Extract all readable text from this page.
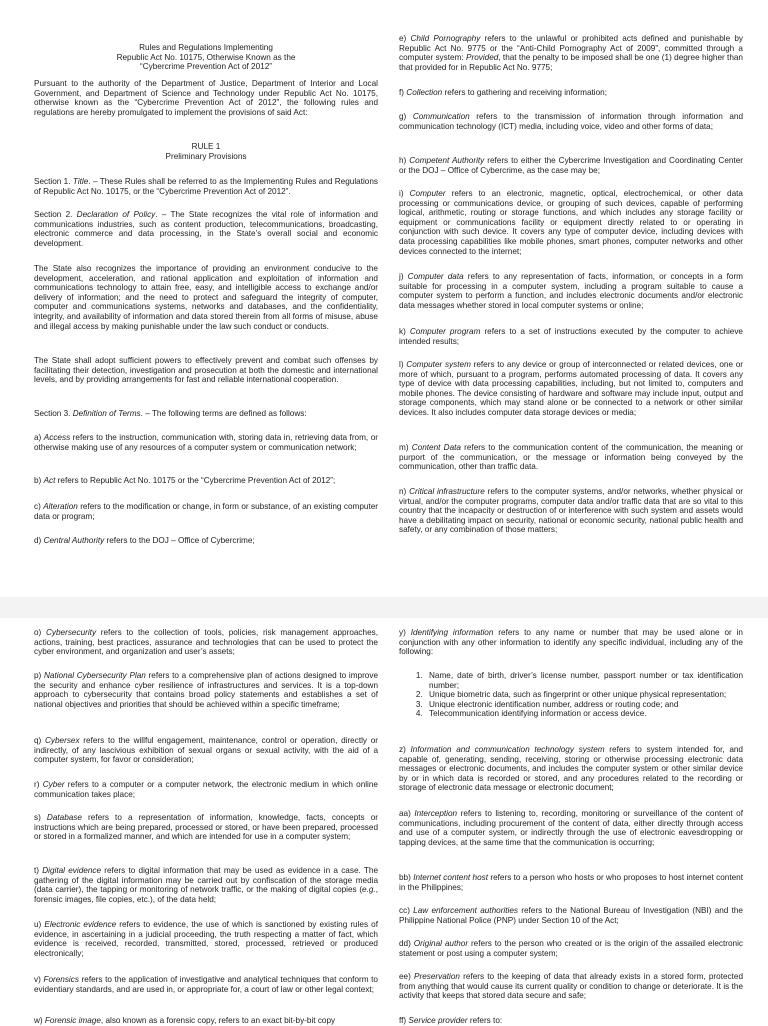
Rules and Regulations Implementing

Republic Act No. 10175, Otherwise Known as the

“Cybercrime Prevention Act of 2012”

Pursuant to the authority of the Department of Justice, Department of Interior and Local Government, and Department of Science and Technology under Republic Act No. 10175, otherwise known as the “Cybercrime Prevention Act of 2012”, the following rules and regulations are hereby promulgated to implement the provisions of said Act:

RULE 1

Preliminary Provisions

Section 1. Title. – These Rules shall be referred to as the Implementing Rules and Regulations of Republic Act No. 10175, or the “Cybercrime Prevention Act of 2012”.

Section 2. Declaration of Policy. – The State recognizes the vital role of information and communications industries, such as content production, telecommunications, broadcasting, electronic commerce and data processing, in the State’s overall social and economic development.

The State also recognizes the importance of providing an environment conducive to the development, acceleration, and rational application and exploitation of information and communications technology to attain free, easy, and intelligible access to exchange and/or delivery of information; and the need to protect and safeguard the integrity of computer, computer and communications systems, networks and databases, and the confidentiality, integrity, and availability of information and data stored therein from all forms of misuse, abuse and illegal access by making punishable under the law such conduct or conducts.

The State shall adopt sufficient powers to effectively prevent and combat such offenses by facilitating their detection, investigation and prosecution at both the domestic and international levels, and by providing arrangements for fast and reliable international cooperation.

Section 3. Definition of Terms. – The following terms are defined as follows:

a) Access refers to the instruction, communication with, storing data in, retrieving data from, or otherwise making use of any resources of a computer system or communication network;

b) Act refers to Republic Act No. 10175 or the “Cybercrime Prevention Act of 2012”;

c) Alteration refers to the modification or change, in form or substance, of an existing computer data or program;

d) Central Authority refers to the DOJ – Office of Cybercrime;

e) Child Pornography refers to the unlawful or prohibited acts defined and punishable by Republic Act No. 9775 or the “Anti-Child Pornography Act of 2009”, committed through a computer system: Provided, that the penalty to be imposed shall be one (1) degree higher than that provided for in Republic Act No. 9775;

f) Collection refers to gathering and receiving information;

g) Communication refers to the transmission of information through information and communication technology (ICT) media, including voice, video and other forms of data;

h) Competent Authority refers to either the Cybercrime Investigation and Coordinating Center or the DOJ – Office of Cybercrime, as the case may be;

i) Computer refers to an electronic, magnetic, optical, electrochemical, or other data processing or communications device, or grouping of such devices, capable of performing logical, arithmetic, routing or storage functions, and which includes any storage facility or equipment or communications facility or equipment directly related to or operating in conjunction with such device. It covers any type of computer device, including devices with data processing capabilities like mobile phones, smart phones, computer networks and other devices connected to the internet;

j) Computer data refers to any representation of facts, information, or concepts in a form suitable for processing in a computer system, including a program suitable to cause a computer system to perform a function, and includes electronic documents and/or electronic data messages whether stored in local computer systems or online;

k) Computer program refers to a set of instructions executed by the computer to achieve intended results;

l) Computer system refers to any device or group of interconnected or related devices, one or more of which, pursuant to a program, performs automated processing of data. It covers any type of device with data processing capabilities, including, but not limited to, computers and mobile phones. The device consisting of hardware and software may include input, output and storage components, which may stand alone or be connected to a network or other similar devices. It also includes computer data storage devices or media;

m) Content Data refers to the communication content of the communication, the meaning or purport of the communication, or the message or information being conveyed by the communication, other than traffic data.

n) Critical infrastructure refers to the computer systems, and/or networks, whether physical or virtual, and/or the computer programs, computer data and/or traffic data that are so vital to this country that the incapacity or destruction of or interference with such system and assets would have a debilitating impact on security, national or economic security, national public health and safety, or any combination of those matters;

o) Cybersecurity refers to the collection of tools, policies, risk management approaches, actions, training, best practices, assurance and technologies that can be used to protect the cyber environment, and organization and user’s assets;

p) National Cybersecurity Plan refers to a comprehensive plan of actions designed to improve the security and enhance cyber resilience of infrastructures and services. It is a top-down approach to cybersecurity that contains broad policy statements and establishes a set of national objectives and priorities that should be achieved within a specific timeframe;

q) Cybersex refers to the willful engagement, maintenance, control or operation, directly or indirectly, of any lascivious exhibition of sexual organs or sexual activity, with the aid of a computer system, for favor or consideration;

r) Cyber refers to a computer or a computer network, the electronic medium in which online communication takes place;

s) Database refers to a representation of information, knowledge, facts, concepts or instructions which are being prepared, processed or stored, or have been prepared, processed or stored in a formalized manner, and which are intended for use in a computer system;

t) Digital evidence refers to digital information that may be used as evidence in a case. The gathering of the digital information may be carried out by confiscation of the storage media (data carrier), the tapping or monitoring of network traffic, or the making of digital copies (e.g., forensic images, file copies, etc.), of the data held;

u) Electronic evidence refers to evidence, the use of which is sanctioned by existing rules of evidence, in ascertaining in a judicial proceeding, the truth respecting a matter of fact, which evidence is received, recorded, transmitted, stored, processed, retrieved or produced electronically;

v) Forensics refers to the application of investigative and analytical techniques that conform to evidentiary standards, and are used in, or appropriate for, a court of law or other legal context;

w) Forensic image, also known as a forensic copy, refers to an exact bit-by-bit copy

y) Identifying information refers to any name or number that may be used alone or in conjunction with any other information to identify any specific individual, including any of the following:

1. Name, date of birth, driver’s license number, passport number or tax identification number;
2. Unique biometric data, such as fingerprint or other unique physical representation;
3. Unique electronic identification number, address or routing code; and
4. Telecommunication identifying information or access device.

z) Information and communication technology system refers to system intended for, and capable of, generating, sending, receiving, storing or otherwise processing electronic data messages or electronic documents, and includes the computer system or other similar device by or in which data is recorded or stored, and any procedures related to the recording or storage of electronic data message or electronic document;

aa) Interception refers to listening to, recording, monitoring or surveillance of the content of communications, including procurement of the content of data, either directly through access and use of a computer system, or indirectly through the use of electronic eavesdropping or tapping devices, at the same time that the communication is occurring;

bb) Internet content host refers to a person who hosts or who proposes to host internet content in the Philippines;

cc) Law enforcement authorities refers to the National Bureau of Investigation (NBI) and the Philippine National Police (PNP) under Section 10 of the Act;

dd) Original author refers to the person who created or is the origin of the assailed electronic statement or post using a computer system;

ee) Preservation refers to the keeping of data that already exists in a stored form, protected from anything that would cause its current quality or condition to change or deteriorate. It is the activity that keeps that stored data secure and safe;

ff) Service provider refers to:
